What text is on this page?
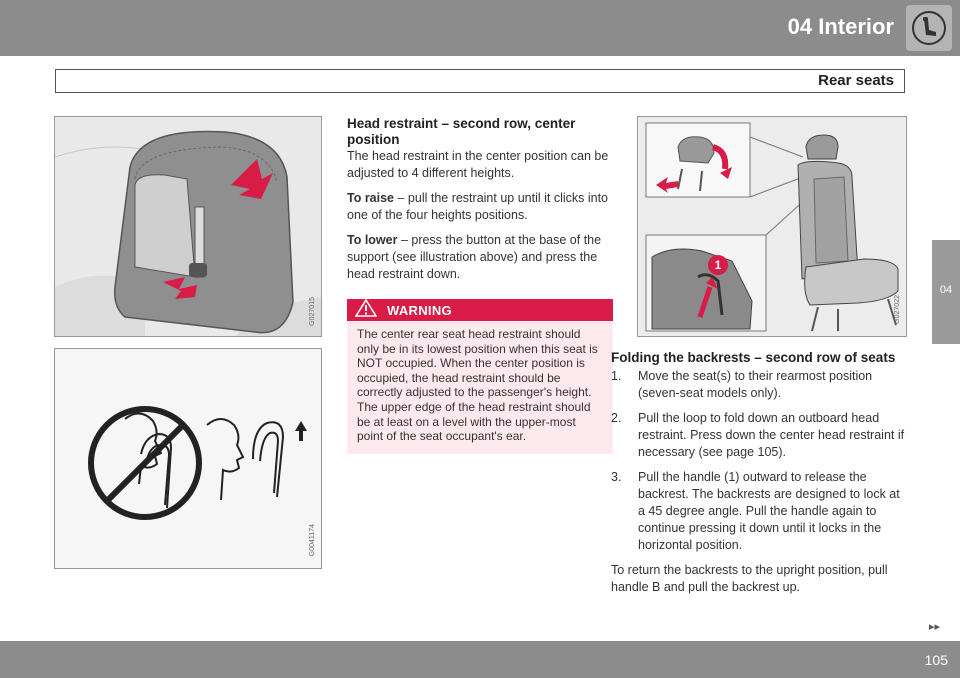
04 Interior
Rear seats
04
G027015
G0041174
Head restraint – second row, center position

The head restraint in the center position can be adjusted to 4 different heights.

To raise – pull the restraint up until it clicks into one of the four heights positions.

To lower – press the button at the base of the support (see illustration above) and press the head restraint down.

WARNING
The center rear seat head restraint should only be in its lowest position when this seat is NOT occupied. When the center position is occupied, the head restraint should be correctly adjusted to the passenger's height. The upper edge of the head restraint should be at least on a level with the upper-most point of the seat occupant's ear.
1
G027022
Folding the backrests – second row of seats
1. Move the seat(s) to their rearmost position (seven-seat models only).
2. Pull the loop to fold down an outboard head restraint. Press down the center head restraint if necessary (see page 105).
3. Pull the handle (1) outward to release the backrest. The backrests are designed to lock at a 45 degree angle. Pull the handle again to continue pressing it down until it locks in the horizontal position.

To return the backrests to the upright position, pull handle B and pull the backrest up.

▸▸
105
